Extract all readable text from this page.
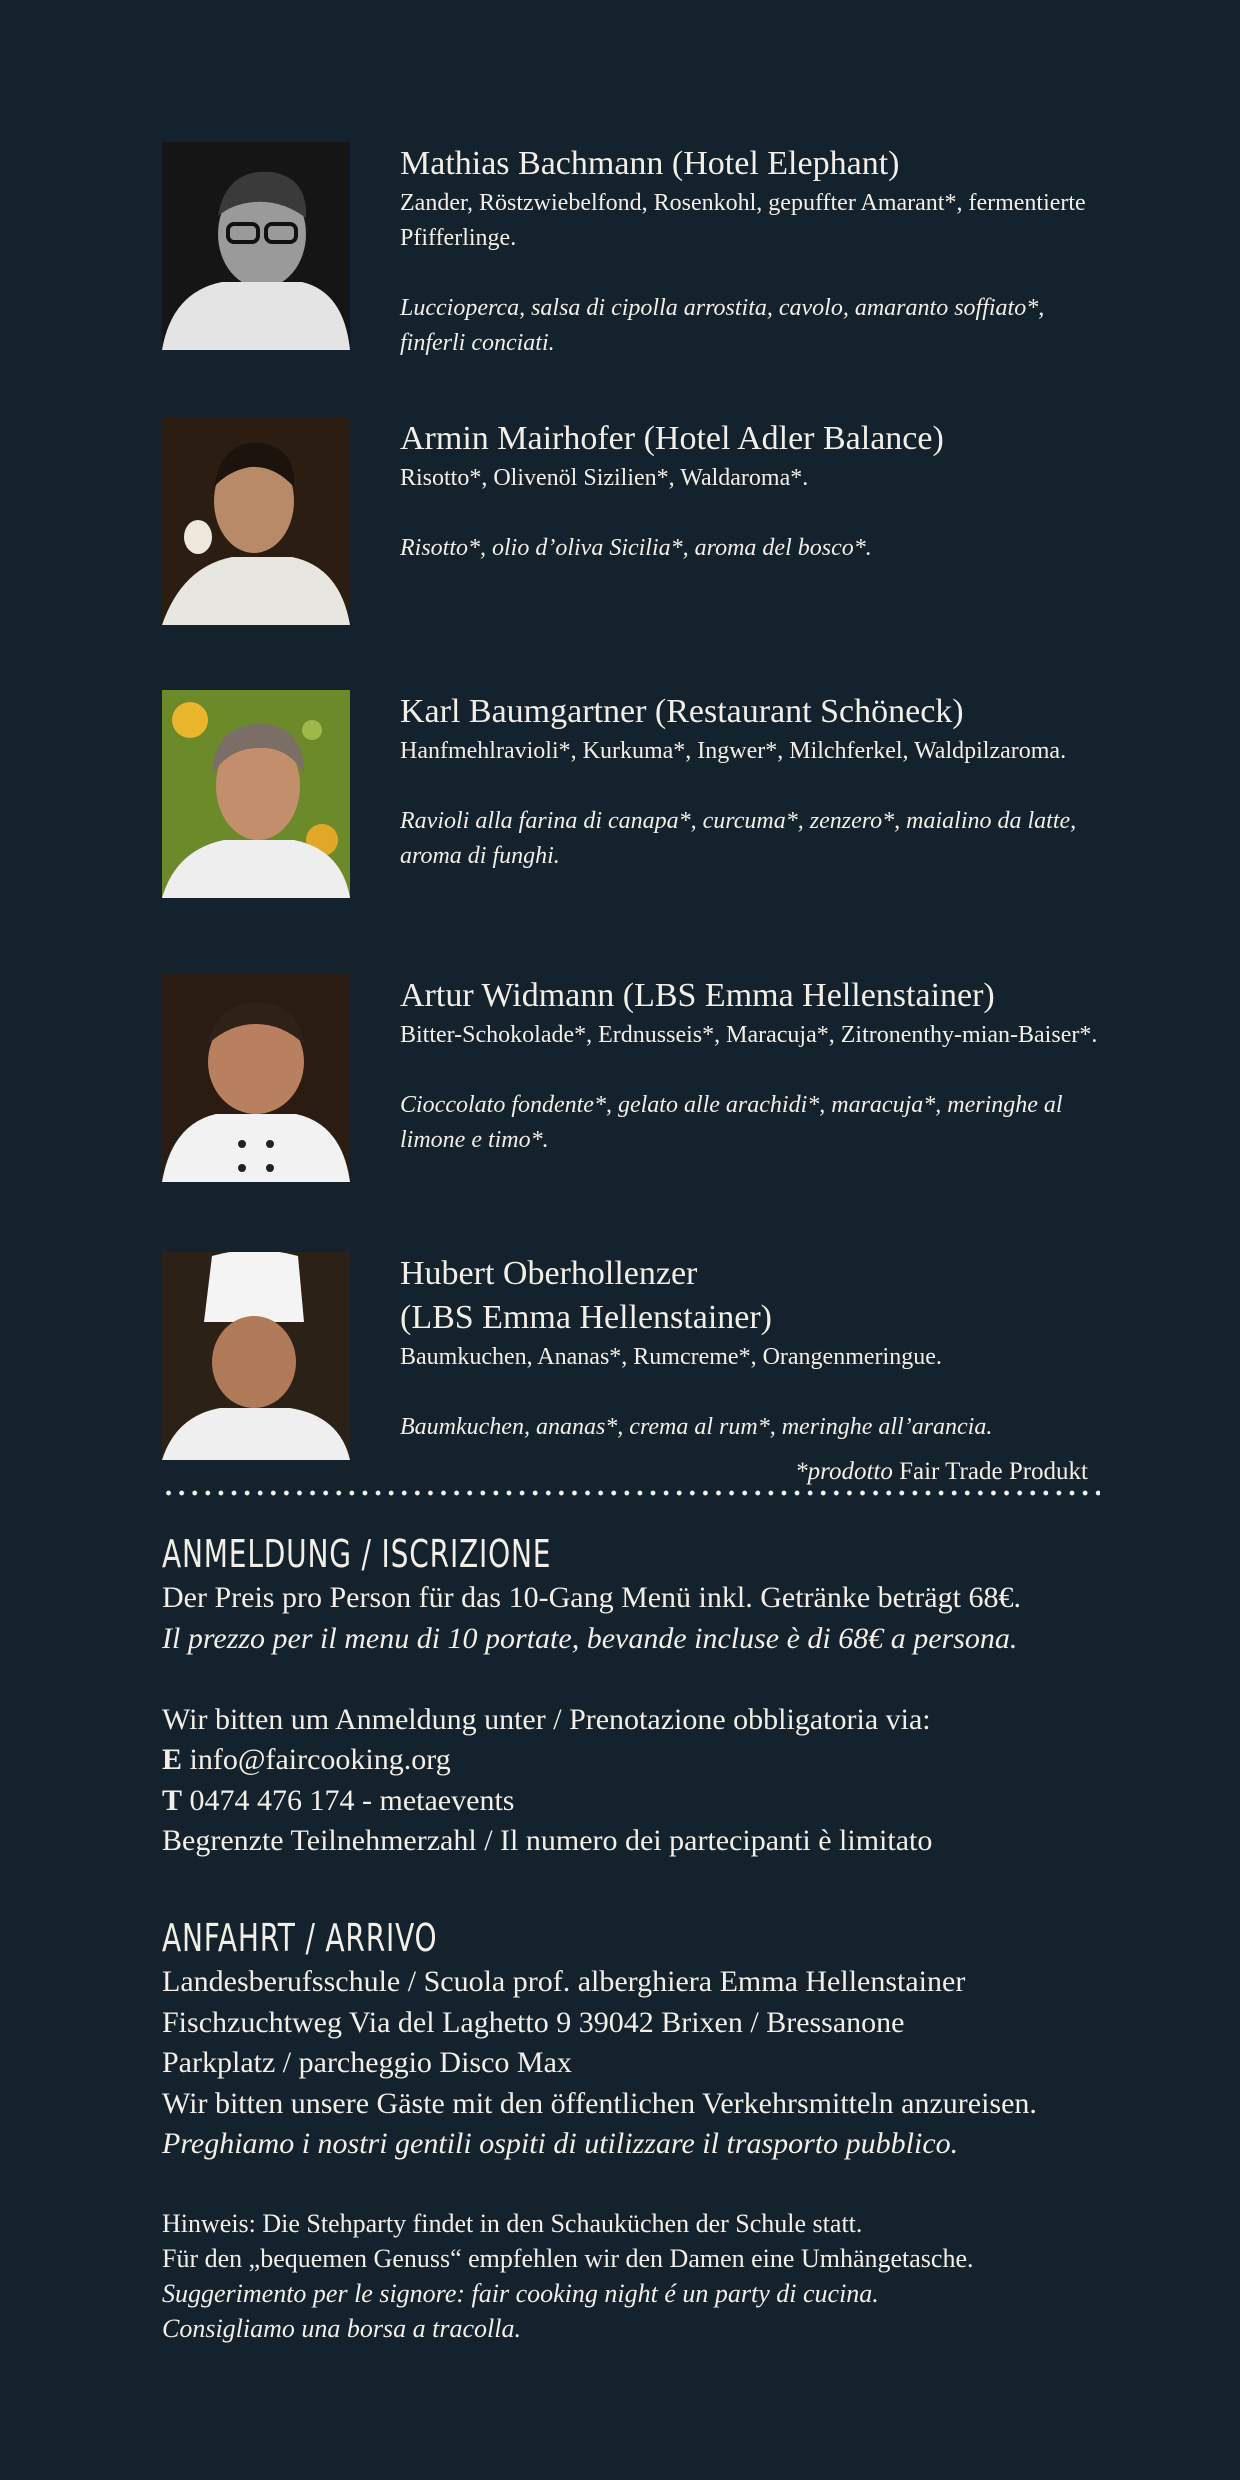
Mathias Bachmann (Hotel Elephant)

Zander, Röstzwiebelfond, Rosenkohl, gepuffter Amarant*, fermentierte Pfifferlinge.

Luccioperca, salsa di cipolla arrostita, cavolo, amaranto soffiato*, finferli conciati.

Armin Mairhofer (Hotel Adler Balance)

Risotto*, Olivenöl Sizilien*, Waldaroma*.

Risotto*, olio d’oliva Sicilia*, aroma del bosco*.

Karl Baumgartner (Restaurant Schöneck)

Hanfmehlravioli*, Kurkuma*, Ingwer*, Milchferkel, Waldpilzaroma.

Ravioli alla farina di canapa*, curcuma*, zenzero*, maialino da latte, aroma di funghi.

Artur Widmann (LBS Emma Hellenstainer)

Bitter-Schokolade*, Erdnusseis*, Maracuja*, Zitronenthy-mian-Baiser*.

Cioccolato fondente*, gelato alle arachidi*, maracuja*, meringhe al limone e timo*.

Hubert Oberhollenzer
(LBS Emma Hellenstainer)

Baumkuchen, Ananas*, Rumcreme*, Orangenmeringue.

Baumkuchen, ananas*, crema al rum*, meringhe all’arancia.

*prodotto Fair Trade Produkt
ANMELDUNG / ISCRIZIONE

Der Preis pro Person für das 10-Gang Menü inkl. Getränke beträgt 68€.

Il prezzo per il menu di 10 portate, bevande incluse è di 68€ a persona.

Wir bitten um Anmeldung unter / Prenotazione obbligatoria via:

E info@faircooking.org

T 0474 476 174 - metaevents

Begrenzte Teilnehmerzahl / Il numero dei partecipanti è limitato

ANFAHRT / ARRIVO

Landesberufsschule / Scuola prof. alberghiera Emma Hellenstainer

Fischzuchtweg Via del Laghetto 9 39042 Brixen / Bressanone

Parkplatz / parcheggio Disco Max

Wir bitten unsere Gäste mit den öffentlichen Verkehrsmitteln anzureisen.

Preghiamo i nostri gentili ospiti di utilizzare il trasporto pubblico.

Hinweis: Die Stehparty findet in den Schauküchen der Schule statt.

Für den „bequemen Genuss“ empfehlen wir den Damen eine Umhängetasche.

Suggerimento per le signore: fair cooking night é un party di cucina.

Consigliamo una borsa a tracolla.
